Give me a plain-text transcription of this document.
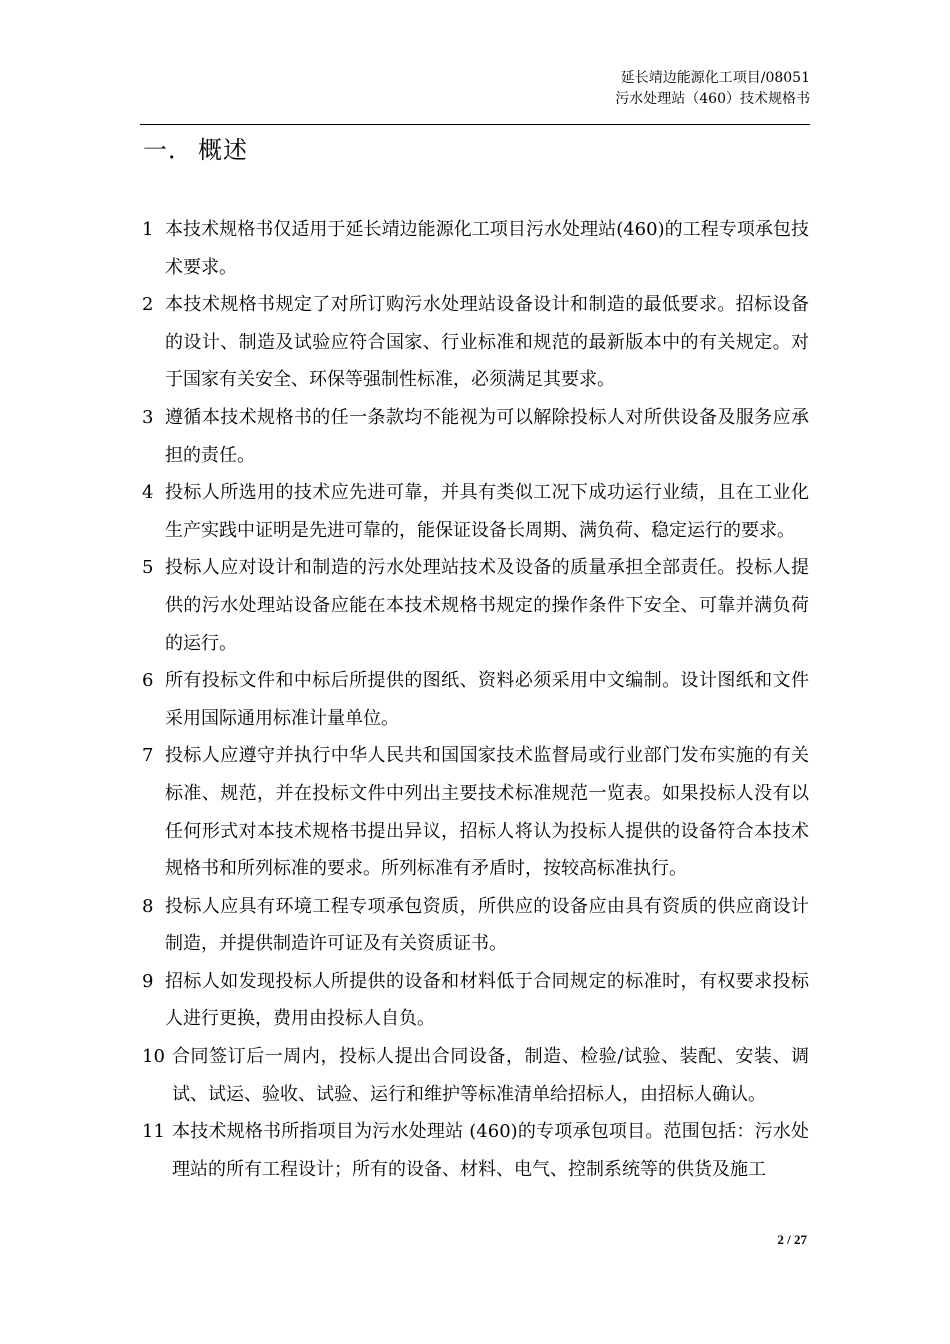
延长靖边能源化工项目/08051
污水处理站（460）技术规格书
一． 概述
1 本技术规格书仅适用于延长靖边能源化工项目污水处理站(460)的工程专项承包技术要求。
2 本技术规格书规定了对所订购污水处理站设备设计和制造的最低要求。招标设备的设计、制造及试验应符合国家、行业标准和规范的最新版本中的有关规定。对于国家有关安全、环保等强制性标准，必须满足其要求。
3 遵循本技术规格书的任一条款均不能视为可以解除投标人对所供设备及服务应承担的责任。
4 投标人所选用的技术应先进可靠，并具有类似工况下成功运行业绩，且在工业化生产实践中证明是先进可靠的，能保证设备长周期、满负荷、稳定运行的要求。
5 投标人应对设计和制造的污水处理站技术及设备的质量承担全部责任。投标人提供的污水处理站设备应能在本技术规格书规定的操作条件下安全、可靠并满负荷的运行。
6 所有投标文件和中标后所提供的图纸、资料必须采用中文编制。设计图纸和文件采用国际通用标准计量单位。
7 投标人应遵守并执行中华人民共和国国家技术监督局或行业部门发布实施的有关标准、规范，并在投标文件中列出主要技术标准规范一览表。如果投标人没有以任何形式对本技术规格书提出异议，招标人将认为投标人提供的设备符合本技术规格书和所列标准的要求。所列标准有矛盾时，按较高标准执行。
8 投标人应具有环境工程专项承包资质，所供应的设备应由具有资质的供应商设计制造，并提供制造许可证及有关资质证书。
9 招标人如发现投标人所提供的设备和材料低于合同规定的标准时，有权要求投标人进行更换，费用由投标人自负。
10 合同签订后一周内，投标人提出合同设备，制造、检验/试验、装配、安装、调试、试运、验收、试验、运行和维护等标准清单给招标人，由招标人确认。
11 本技术规格书所指项目为污水处理站 (460)的专项承包项目。范围包括：污水处理站的所有工程设计；所有的设备、材料、电气、控制系统等的供货及施工
2 / 27
